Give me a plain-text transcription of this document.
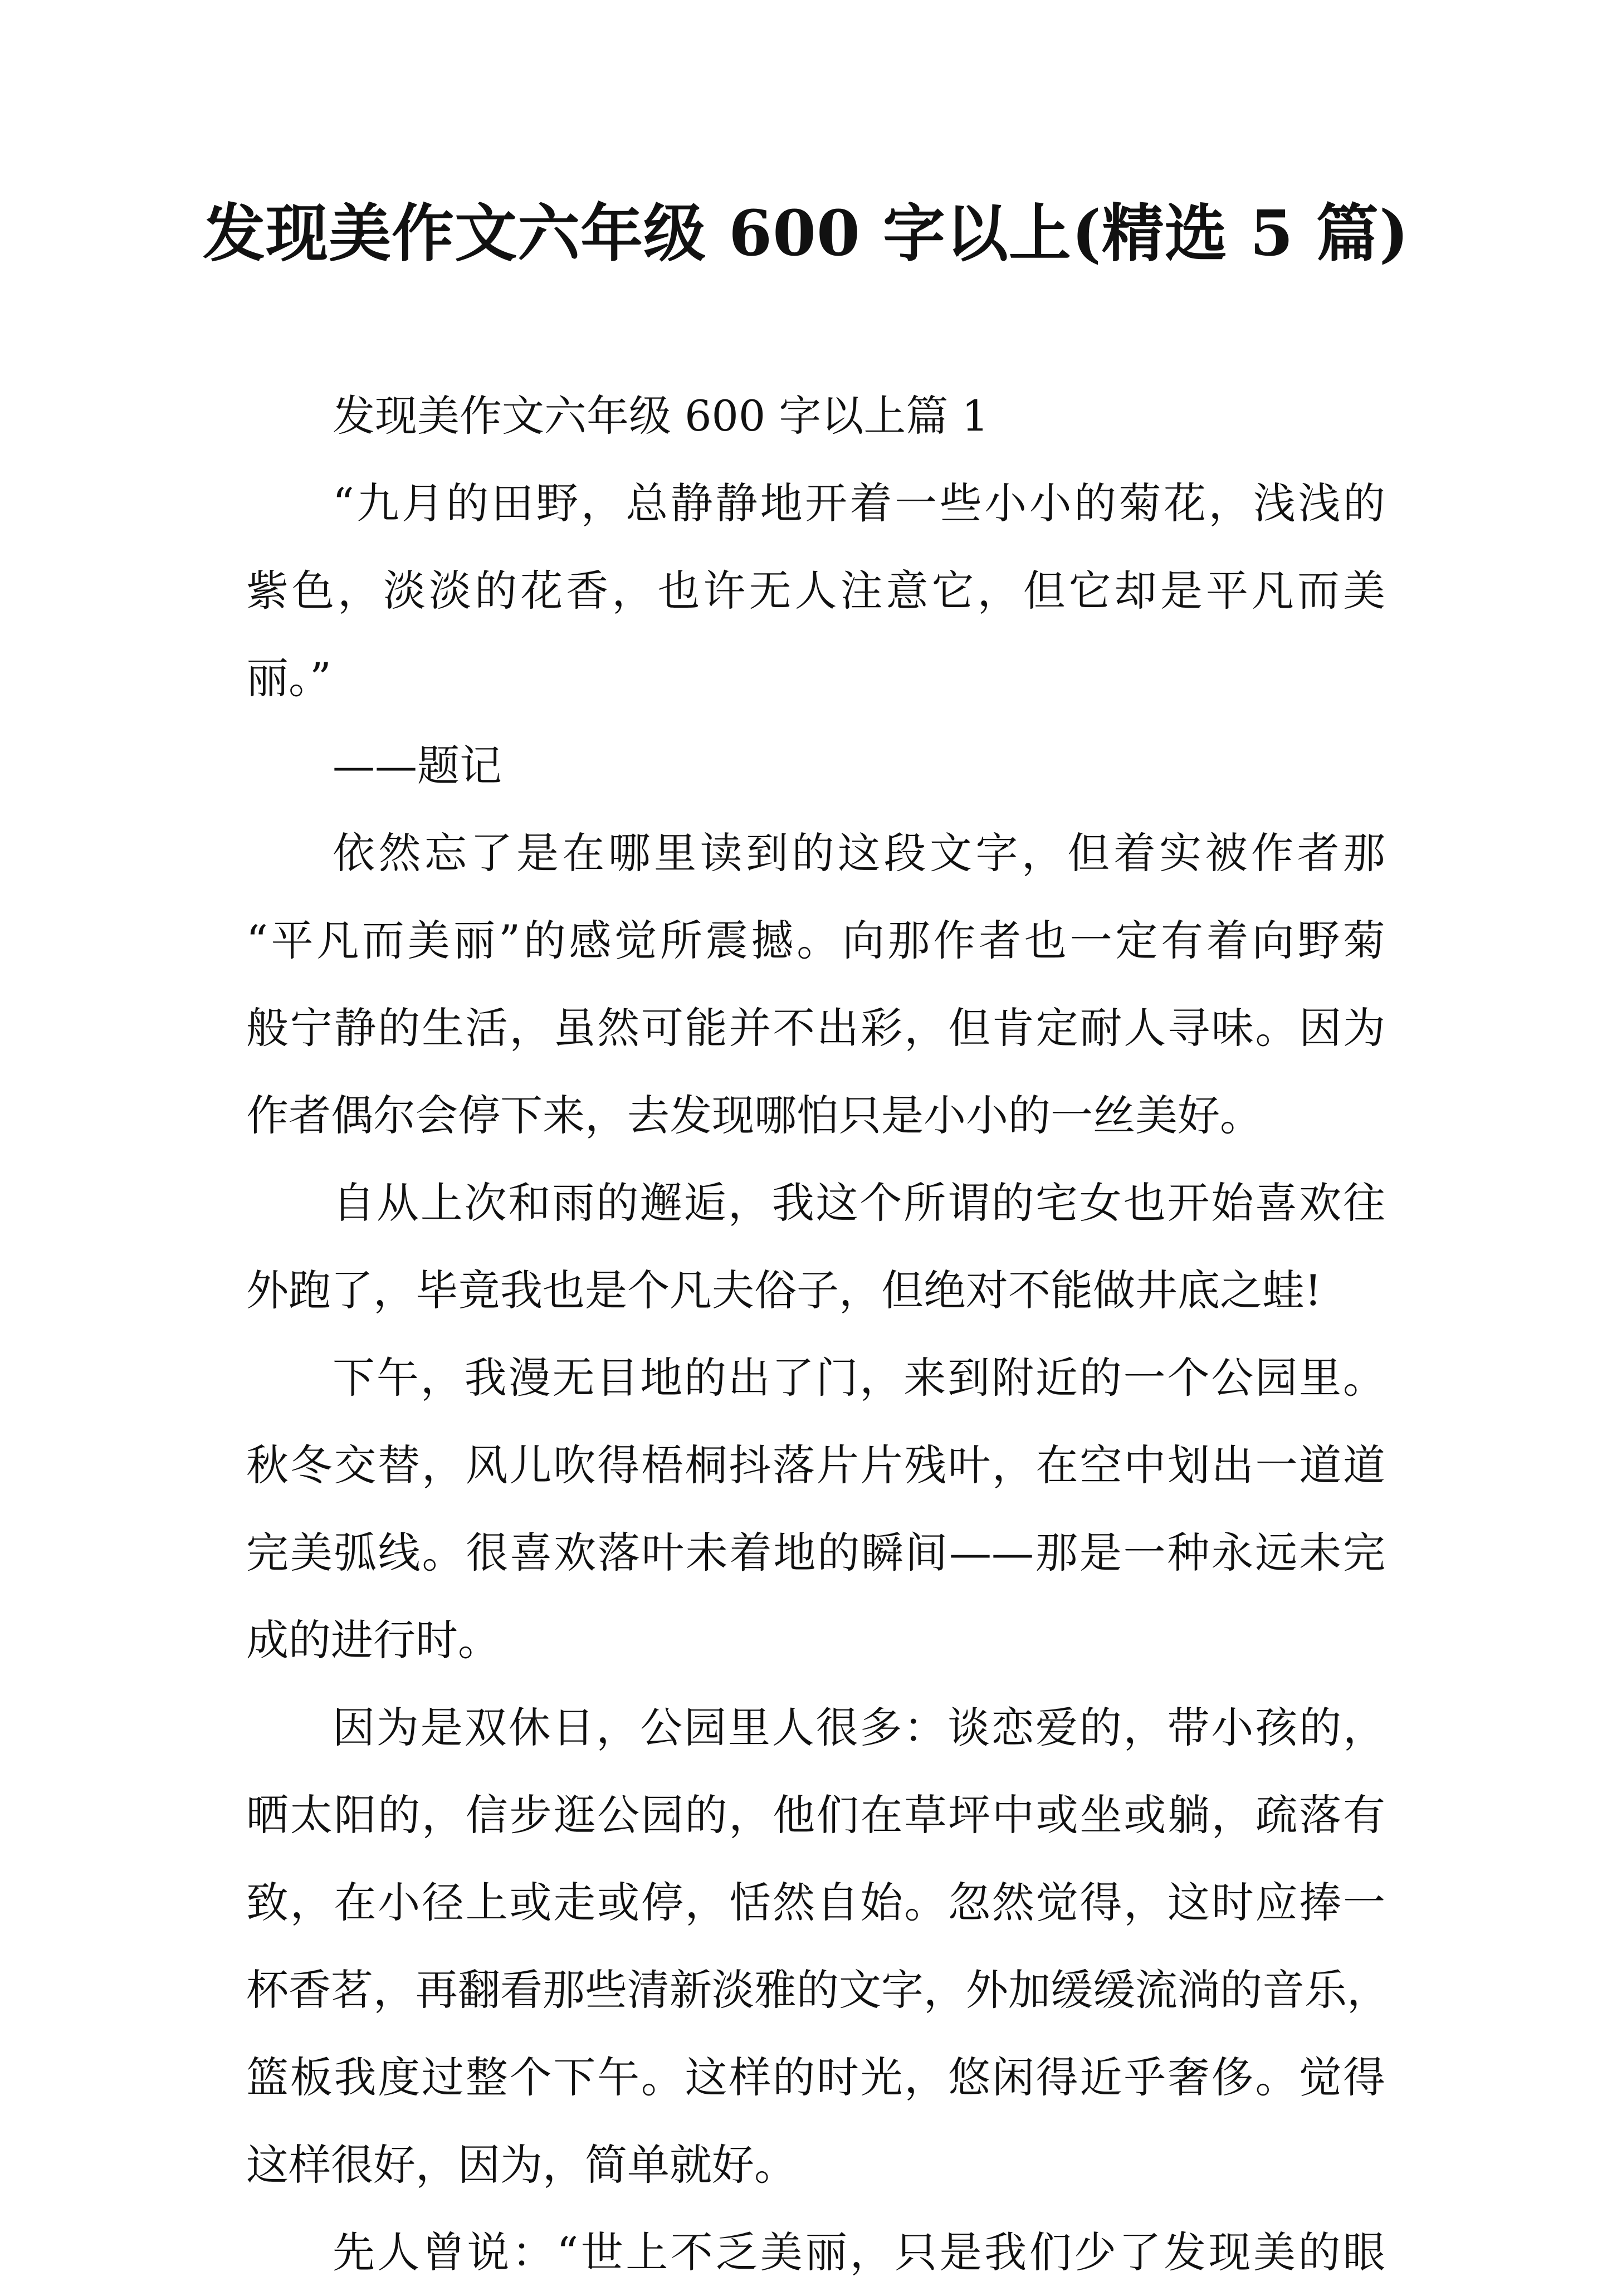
发现美作文六年级 600 字以上(精选 5 篇)
发现美作文六年级 600 字以上篇 1
“九月的田野，总静静地开着一些小小的菊花，浅浅的
紫色，淡淡的花香，也许无人注意它，但它却是平凡而美
丽。”
——题记
依然忘了是在哪里读到的这段文字，但着实被作者那
“平凡而美丽”的感觉所震撼。向那作者也一定有着向野菊
般宁静的生活，虽然可能并不出彩，但肯定耐人寻味。因为
作者偶尔会停下来，去发现哪怕只是小小的一丝美好。
自从上次和雨的邂逅，我这个所谓的宅女也开始喜欢往
外跑了，毕竟我也是个凡夫俗子，但绝对不能做井底之蛙!
下午，我漫无目地的出了门，来到附近的一个公园里。
秋冬交替，风儿吹得梧桐抖落片片残叶，在空中划出一道道
完美弧线。很喜欢落叶未着地的瞬间——那是一种永远未完
成的进行时。
因为是双休日，公园里人很多：谈恋爱的，带小孩的，
晒太阳的，信步逛公园的，他们在草坪中或坐或躺，疏落有
致，在小径上或走或停，恬然自始。忽然觉得，这时应捧一
杯香茗，再翻看那些清新淡雅的文字，外加缓缓流淌的音乐，
篮板我度过整个下午。这样的时光，悠闲得近乎奢侈。觉得
这样很好，因为，简单就好。
先人曾说：“世上不乏美丽，只是我们少了发现美的眼
